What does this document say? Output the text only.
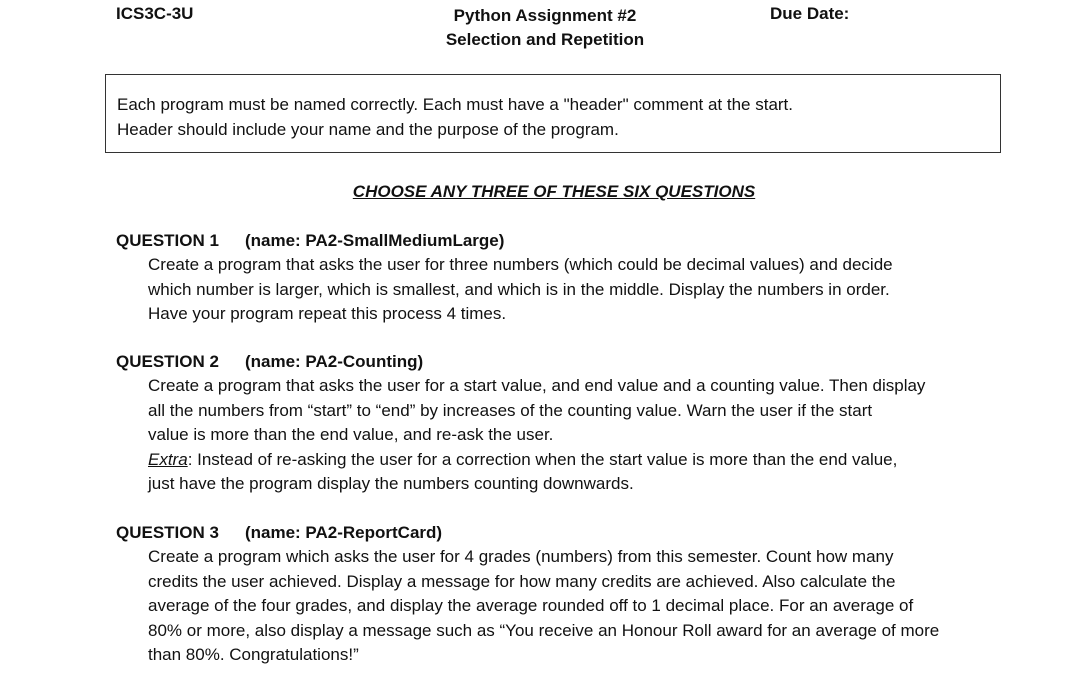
ICS3C-3U	Python Assignment #2
Selection and Repetition
Due Date:
Each program must be named correctly. Each must have a "header" comment at the start.
Header should include your name and the purpose of the program.
CHOOSE ANY THREE OF THESE SIX QUESTIONS
QUESTION 1 (name: PA2-SmallMediumLarge)
Create a program that asks the user for three numbers (which could be decimal values) and decide
which number is larger, which is smallest, and which is in the middle. Display the numbers in order.
Have your program repeat this process 4 times.
QUESTION 2 (name: PA2-Counting)
Create a program that asks the user for a start value, and end value and a counting value. Then display
all the numbers from “start” to “end” by increases of the counting value. Warn the user if the start
value is more than the end value, and re-ask the user.
Extra: Instead of re-asking the user for a correction when the start value is more than the end value,
just have the program display the numbers counting downwards.
QUESTION 3 (name: PA2-ReportCard)
Create a program which asks the user for 4 grades (numbers) from this semester. Count how many
credits the user achieved. Display a message for how many credits are achieved. Also calculate the
average of the four grades, and display the average rounded off to 1 decimal place. For an average of
80% or more, also display a message such as “You receive an Honour Roll award for an average of more
than 80%. Congratulations!”
